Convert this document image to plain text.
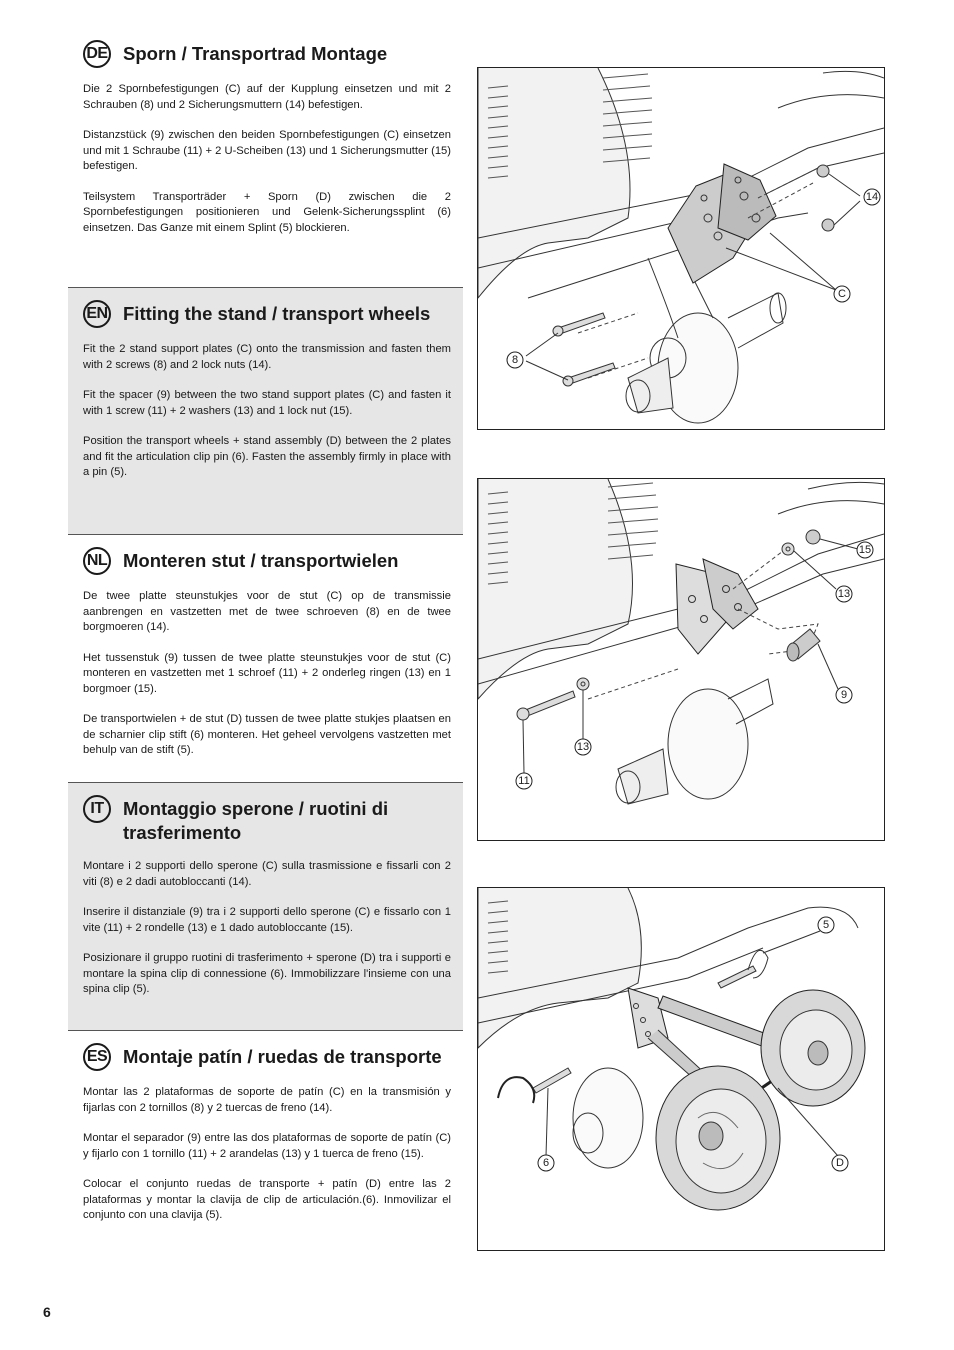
DE Sporn / Transportrad Montage

Die 2 Spornbefestigungen (C) auf der Kupplung einsetzen und mit 2 Schrauben (8) und 2 Sicherungsmuttern (14) befestigen.

Distanzstück (9) zwischen den beiden Spornbefestigungen (C) einsetzen und mit 1 Schraube (11) + 2 U-Scheiben (13) und 1 Sicherungsmutter (15) befestigen.

Teilsystem Transporträder + Sporn (D) zwischen die 2 Spornbefestigungen positionieren und Gelenk-Sicherungssplint (6) einsetzen. Das Ganze mit einem Splint (5) blockieren.

EN Fitting the stand / transport wheels

Fit the 2 stand support plates (C) onto the transmission and fasten them with 2 screws (8) and 2 lock nuts (14).

Fit the spacer (9) between the two stand support plates (C) and fasten it with 1 screw (11) + 2 washers (13) and 1 lock nut (15).

Position the transport wheels + stand assembly (D) between the 2 plates and fit the articulation clip pin (6). Fasten the assembly firmly in place with a pin (5).

NL Monteren stut / transportwielen

De twee platte steunstukjes voor de stut (C) op de transmissie aanbrengen en vastzetten met de twee schroeven (8) en de twee borgmoeren (14).

Het tussenstuk (9) tussen de twee platte steunstukjes voor de stut (C) monteren en vastzetten met 1 schroef (11) + 2 onderleg ringen (13) en 1 borgmoer (15).

De transportwielen + de stut (D) tussen de twee platte stukjes plaatsen en de scharnier clip stift (6) monteren. Het geheel vervolgens vastzetten met behulp van de stift (5).

IT	Montaggio sperone / ruotini di trasferimento

Montare i 2 supporti dello sperone (C) sulla trasmissione e fissarli con 2 viti (8) e 2 dadi autobloccanti (14).

Inserire il distanziale (9) tra i 2 supporti dello sperone (C) e fissarlo con 1 vite (11) + 2 rondelle (13) e 1 dado autobloccante (15).

Posizionare il gruppo ruotini di trasferimento + sperone (D) tra i supporti e montare la spina clip di connessione (6). Immobilizzare l'insieme con una spina clip (5).

ES Montaje patín / ruedas de transporte

Montar las 2 plataformas de soporte de patín (C) en la transmisión y fijarlas con 2 tornillos (8) y 2 tuercas de freno (14).

Montar el separador (9) entre las dos plataformas de soporte de patín (C) y fijarlo con 1 tornillo (11) + 2 arandelas (13) y 1 tuerca de freno (15).

Colocar el conjunto ruedas de transporte + patín (D) entre las 2 plataformas y montar la clavija de clip de articulación.(6). Inmovilizar el conjunto con una clavija (5).

14
C
8
15
13
9
13
11
5
6	D
6
